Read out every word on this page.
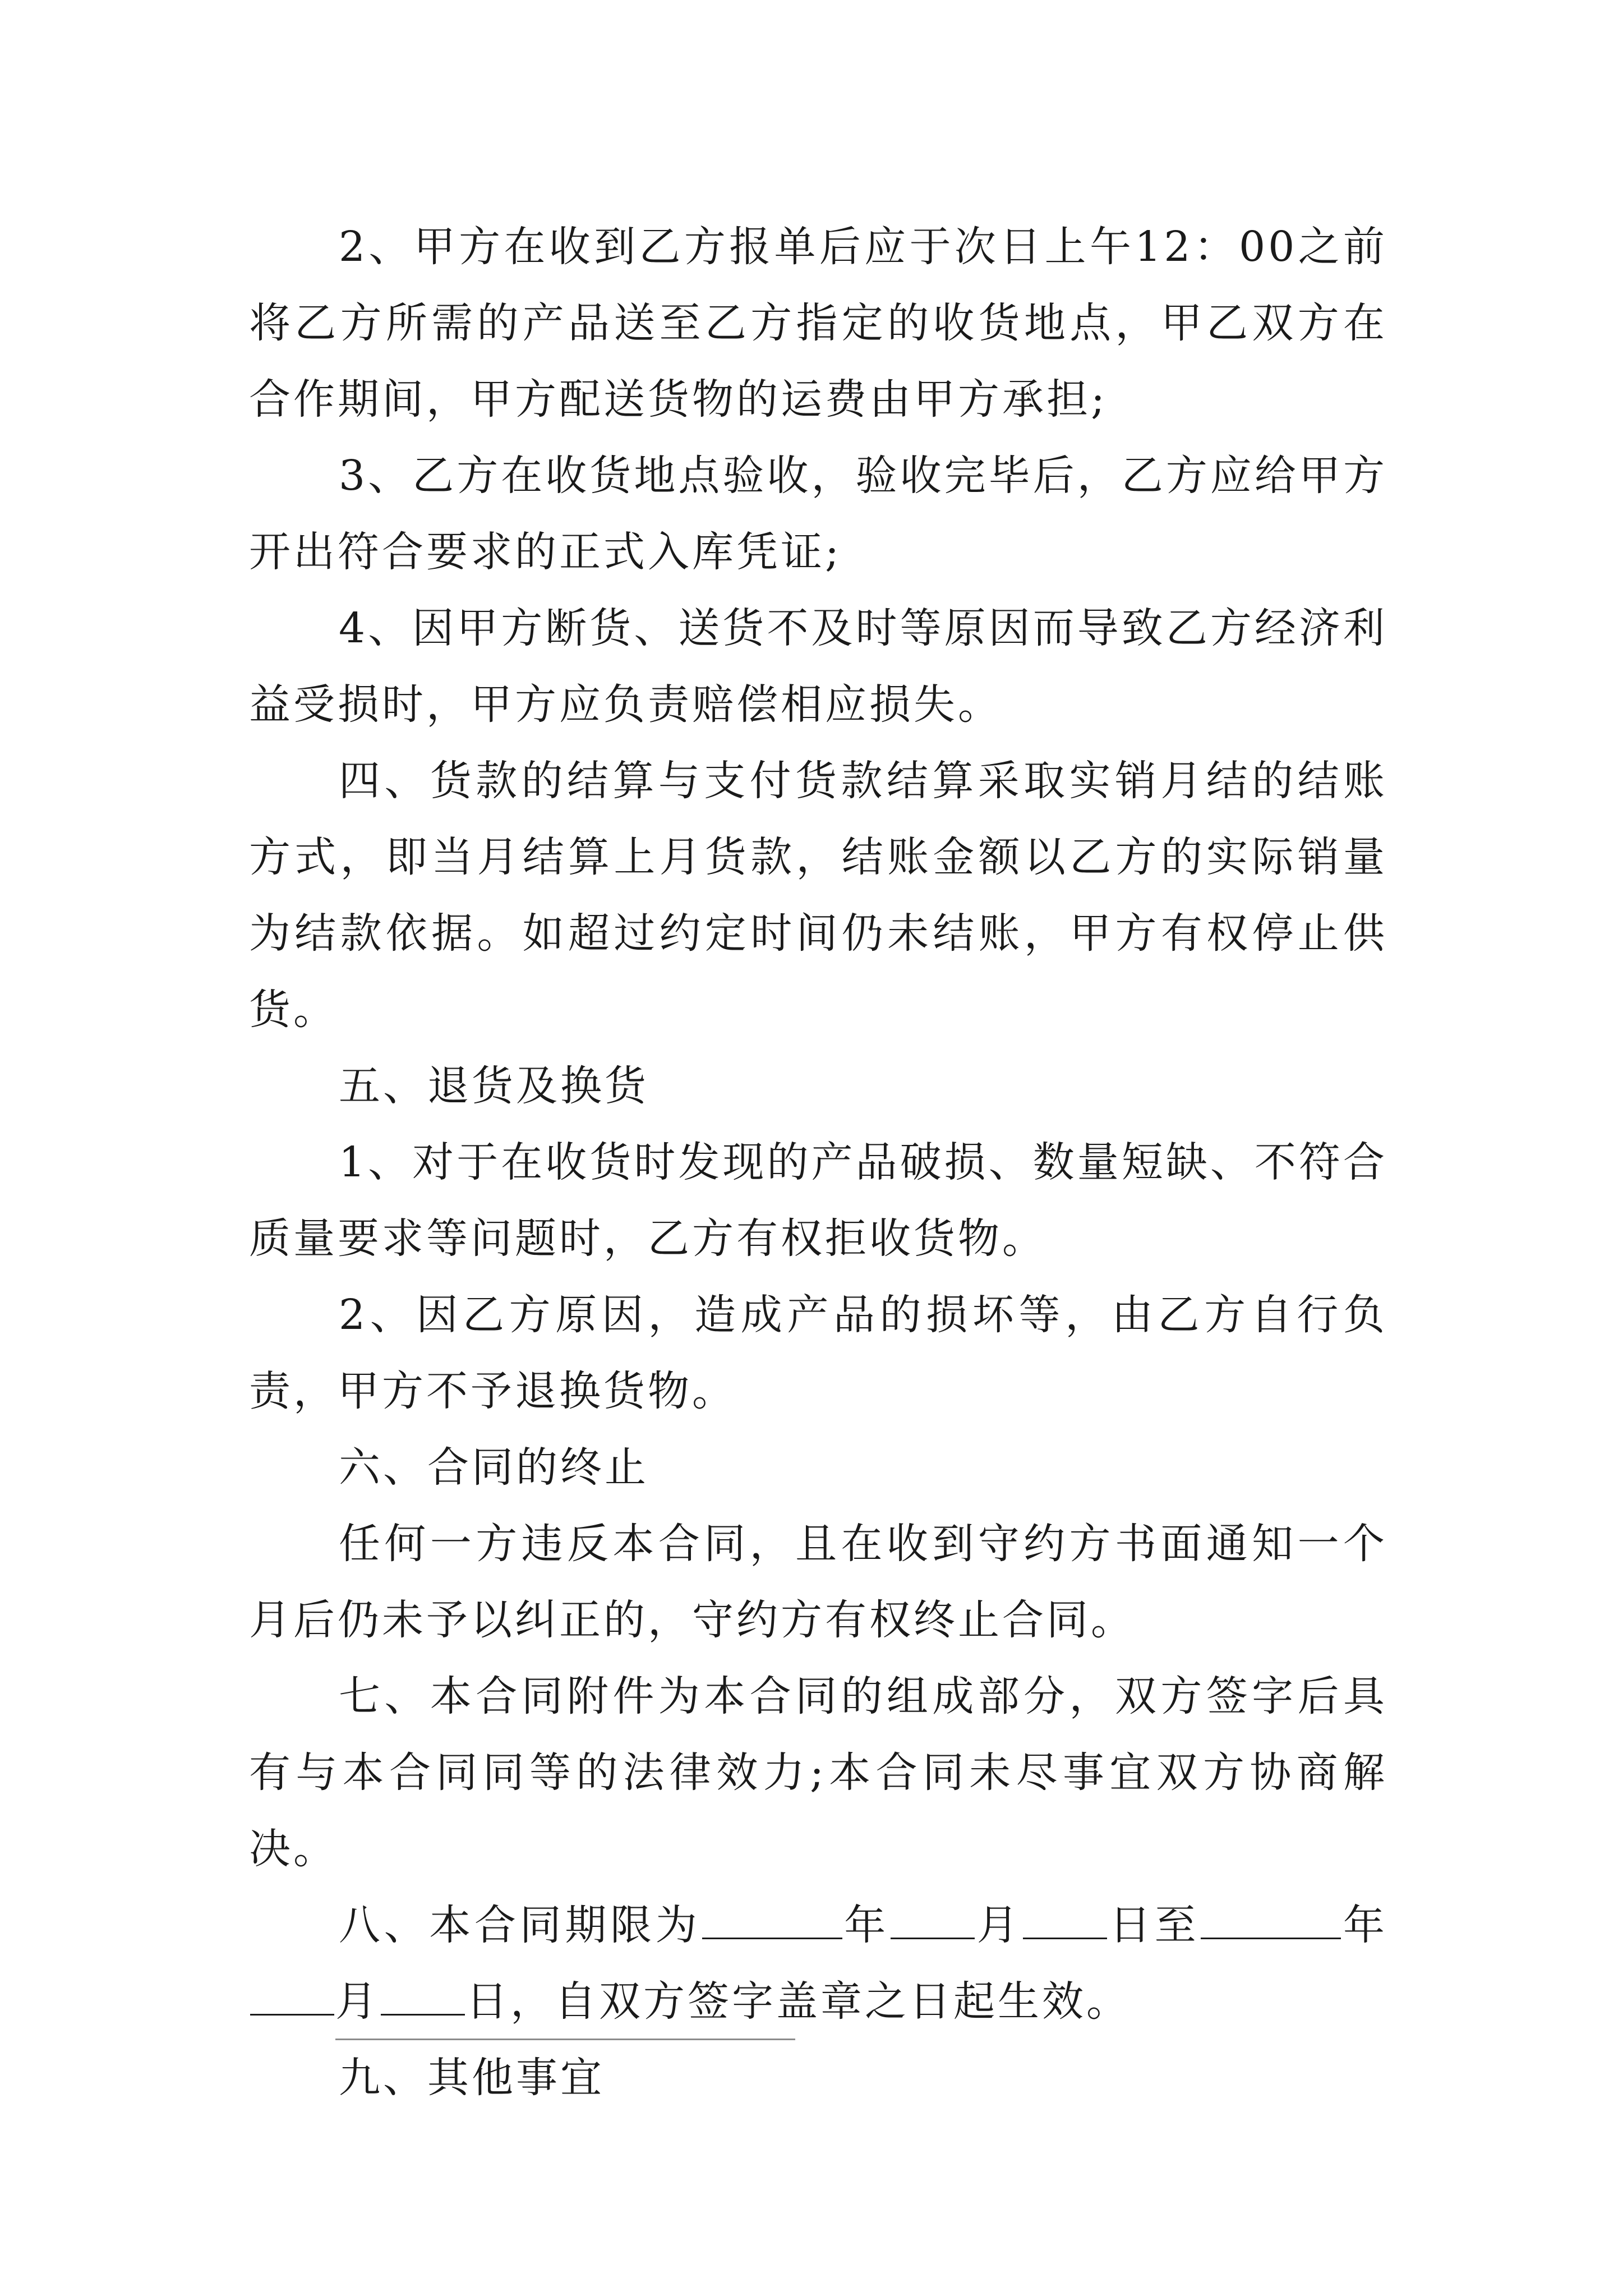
2、甲方在收到乙方报单后应于次日上午12：00之前将乙方所需的产品送至乙方指定的收货地点，甲乙双方在合作期间，甲方配送货物的运费由甲方承担;

3、乙方在收货地点验收，验收完毕后，乙方应给甲方开出符合要求的正式入库凭证;

4、因甲方断货、送货不及时等原因而导致乙方经济利益受损时，甲方应负责赔偿相应损失。

四、货款的结算与支付货款结算采取实销月结的结账方式，即当月结算上月货款，结账金额以乙方的实际销量为结款依据。如超过约定时间仍未结账，甲方有权停止供货。

五、退货及换货

1、对于在收货时发现的产品破损、数量短缺、不符合质量要求等问题时，乙方有权拒收货物。

2、因乙方原因，造成产品的损坏等，由乙方自行负责，甲方不予退换货物。

六、合同的终止

任何一方违反本合同，且在收到守约方书面通知一个月后仍未予以纠正的，守约方有权终止合同。

七、本合同附件为本合同的组成部分，双方签字后具有与本合同同等的法律效力;本合同未尽事宜双方协商解决。

八、本合同期限为	年 月 日至	年月 日，自双方签字盖章之日起生效。

九、其他事宜
